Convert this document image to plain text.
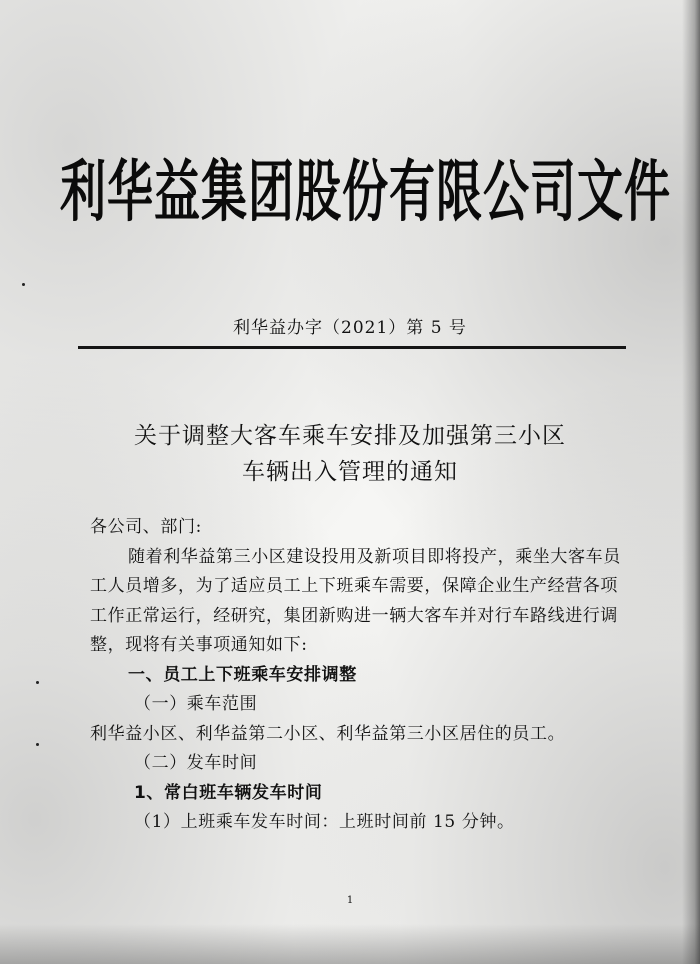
利华益集团股份有限公司文件
利华益办字（2021）第 5 号
关于调整大客车乘车安排及加强第三小区
车辆出入管理的通知

各公司、部门:

随着利华益第三小区建设投用及新项目即将投产，乘坐大客车员工人员增多，为了适应员工上下班乘车需要，保障企业生产经营各项工作正常运行，经研究，集团新购进一辆大客车并对行车路线进行调整，现将有关事项通知如下:

一、员工上下班乘车安排调整

（一）乘车范围

利华益小区、利华益第二小区、利华益第三小区居住的员工。

（二）发车时间

1、常白班车辆发车时间

（1）上班乘车发车时间：上班时间前 15 分钟。

1
